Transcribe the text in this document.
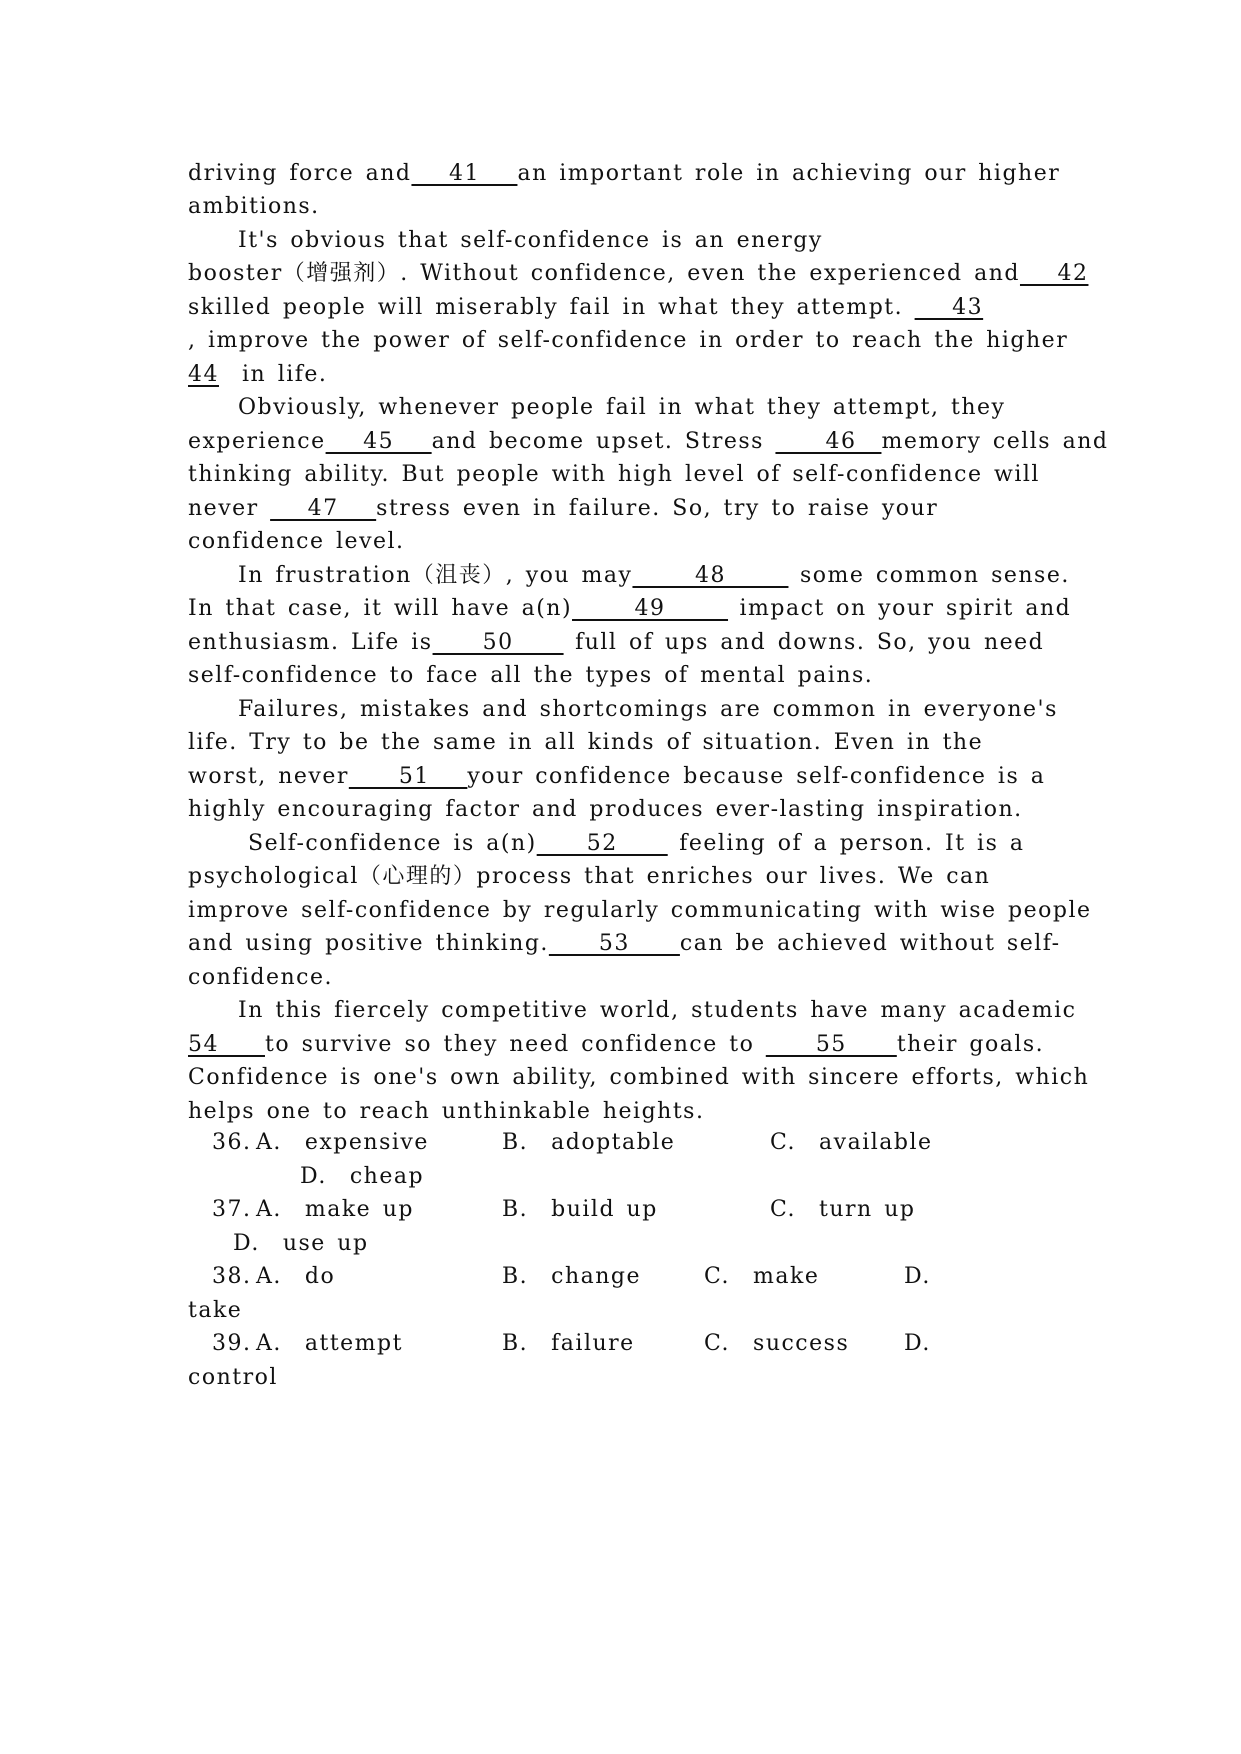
driving force and___41___an important role in achieving our higher
ambitions.
It's obvious that self-confidence is an energy
booster（增强剂）. Without confidence, even the experienced and___42
skilled people will miserably fail in what they attempt. ___43
, improve the power of self-confidence in order to reach the higher
44 in life.
Obviously, whenever people fail in what they attempt, they
experience___45___and become upset. Stress ____46__memory cells and
thinking ability. But people with high level of self-confidence will
never ___47___stress even in failure. So, try to raise your
confidence level.
In frustration（沮丧）, you may_____48_____ some common sense.
In that case, it will have a(n)_____49_____ impact on your spirit and
enthusiasm. Life is____50____ full of ups and downs. So, you need
self-confidence to face all the types of mental pains.
Failures, mistakes and shortcomings are common in everyone's
life. Try to be the same in all kinds of situation. Even in the
worst, never____51___your confidence because self-confidence is a
highly encouraging factor and produces ever-lasting inspiration.
Self-confidence is a(n)____52____ feeling of a person. It is a
psychological（心理的）process that enriches our lives. We can
improve self-confidence by regularly communicating with wise people
and using positive thinking.____53____can be achieved without self-
confidence.
In this fiercely competitive world, students have many academic
54 to survive so they need confidence to ____55____their goals.
Confidence is one's own ability, combined with sincere efforts, which
helps one to reach unthinkable heights.
36. A.  expensive	B.  adoptable	C.  available
D.  cheap
37. A.  make up	B.  build up	C.  turn up
D.  use up
38. A.  do	B.  change	C.  make	D.
take
39. A.  attempt	B.  failure	C.  success D.
control
